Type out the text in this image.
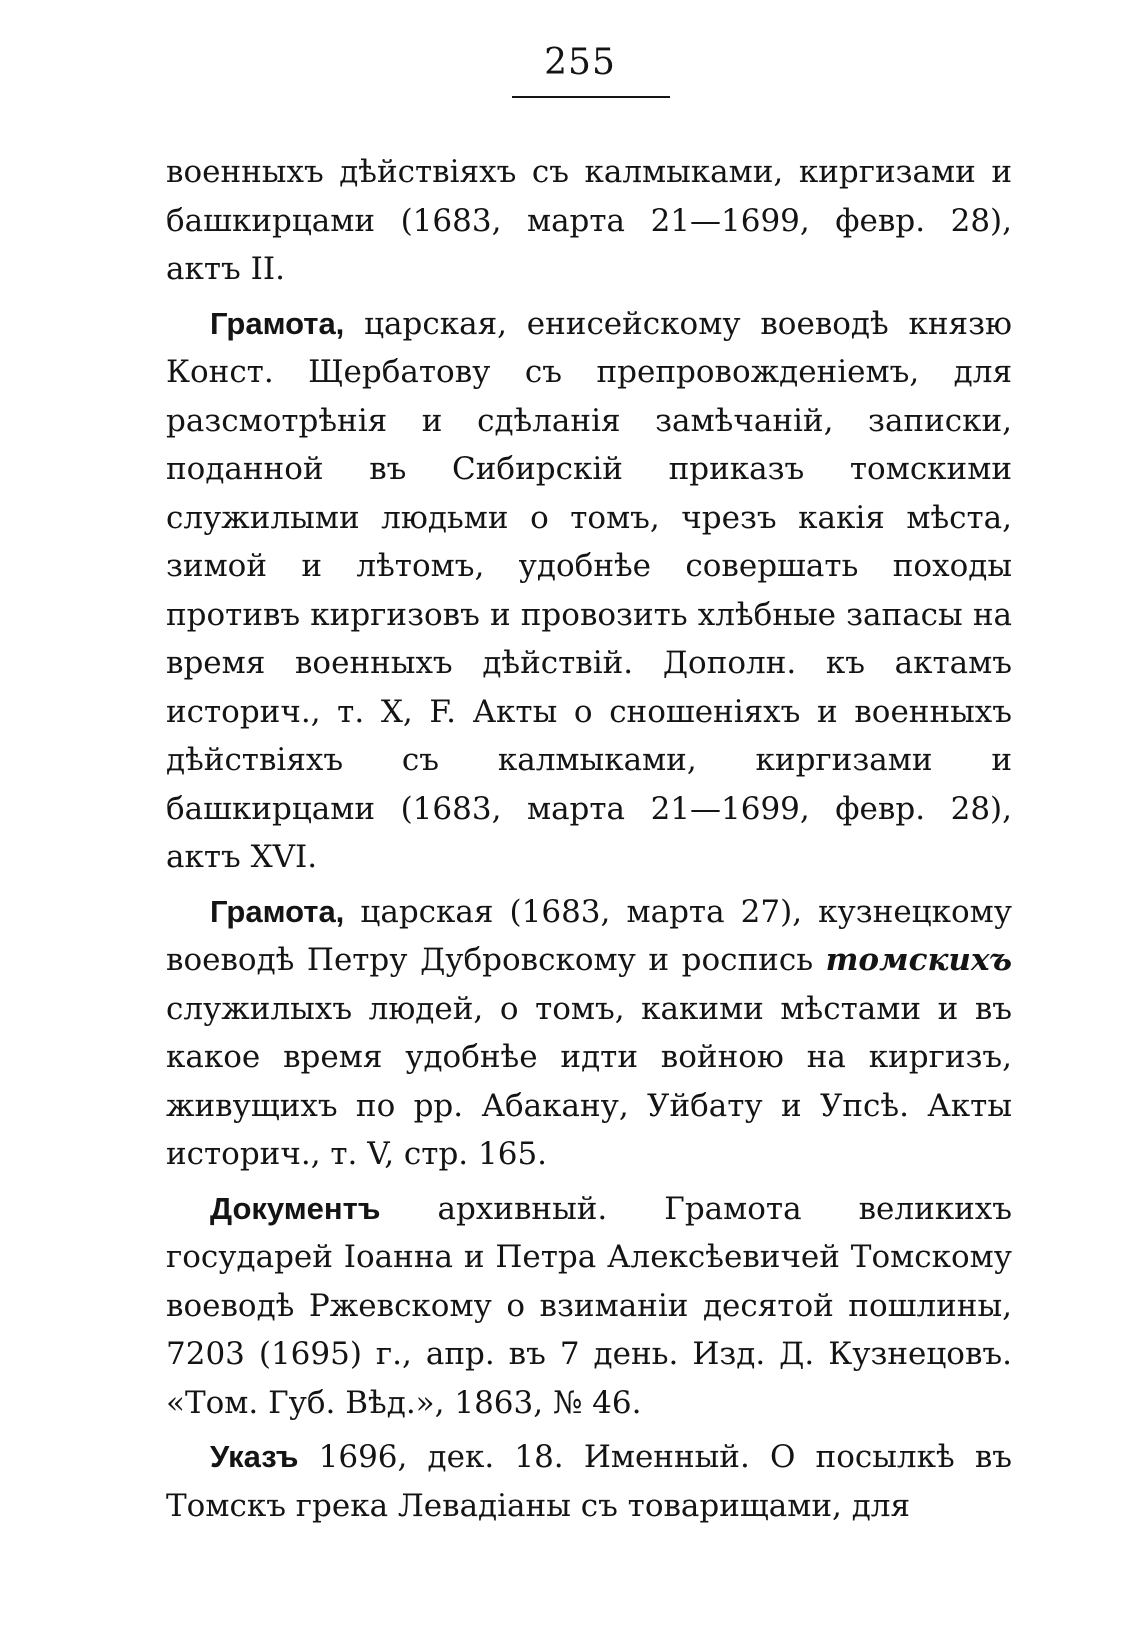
255

военныхъ дѣйствіяхъ съ калмыками, киргизами и башкирцами (1683, марта 21—1699, февр. 28), актъ II.

Грамота, царская, енисейскому воеводѣ князю Конст. Щербатову съ препровожденіемъ, для разсмотрѣнія и сдѣланія замѣчаній, записки, поданной въ Сибирскій приказъ томскими служилыми людьми о томъ, чрезъ какія мѣста, зимой и лѣтомъ, удобнѣе совершать походы противъ киргизовъ и провозить хлѣбные запасы на время военныхъ дѣйствій. Дополн. къ актамъ историч., т. X, F. Акты о сношеніяхъ и военныхъ дѣйствіяхъ съ калмыками, киргизами и башкирцами (1683, марта 21—1699, февр. 28), актъ XVI.

Грамота, царская (1683, марта 27), кузнецкому воеводѣ Петру Дубровскому и роспись томскихъ служилыхъ людей, о томъ, какими мѣстами и въ какое время удобнѣе идти войною на киргизъ, живущихъ по рр. Абакану, Уйбату и Упсѣ. Акты историч., т. V, стр. 165.

Документъ архивный. Грамота великихъ государей Іоанна и Петра Алексѣевичей Томскому воеводѣ Ржевскому о взиманіи десятой пошлины, 7203 (1695) г., апр. въ 7 день. Изд. Д. Кузнецовъ. «Том. Губ. Вѣд.», 1863, № 46.

Указъ 1696, дек. 18. Именный. О посылкѣ въ Томскъ грека Левадіаны съ товарищами, для
